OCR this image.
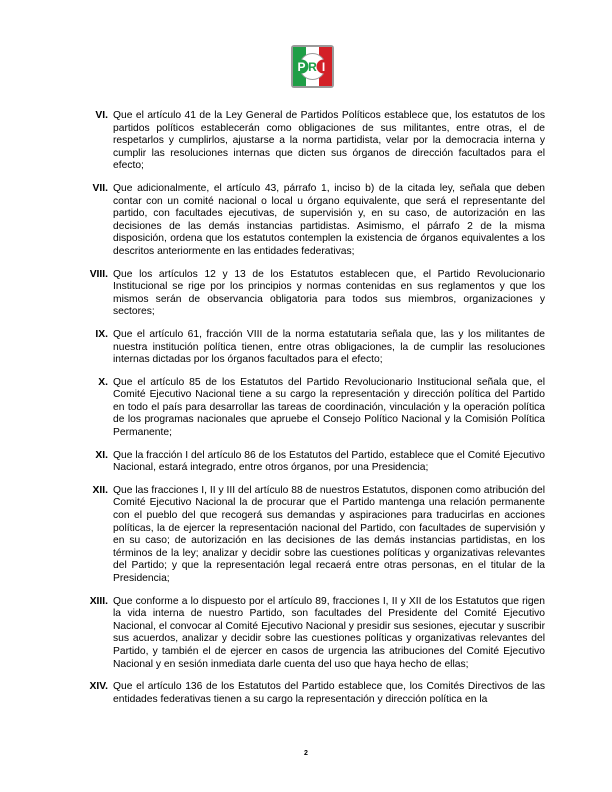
P R I
VI. Que el artículo 41 de la Ley General de Partidos Políticos establece que, los estatutos de los partidos políticos establecerán como obligaciones de sus militantes, entre otras, el de respetarlos y cumplirlos, ajustarse a la norma partidista, velar por la democracia interna y cumplir las resoluciones internas que dicten sus órganos de dirección facultados para el efecto;
VII. Que adicionalmente, el artículo 43, párrafo 1, inciso b) de la citada ley, señala que deben contar con un comité nacional o local u órgano equivalente, que será el representante del partido, con facultades ejecutivas, de supervisión y, en su caso, de autorización en las decisiones de las demás instancias partidistas. Asimismo, el párrafo 2 de la misma disposición, ordena que los estatutos contemplen la existencia de órganos equivalentes a los descritos anteriormente en las entidades federativas;
VIII. Que los artículos 12 y 13 de los Estatutos establecen que, el Partido Revolucionario Institucional se rige por los principios y normas contenidas en sus reglamentos y que los mismos serán de observancia obligatoria para todos sus miembros, organizaciones y sectores;
IX. Que el artículo 61, fracción VIII de la norma estatutaria señala que, las y los militantes de nuestra institución política tienen, entre otras obligaciones, la de cumplir las resoluciones internas dictadas por los órganos facultados para el efecto;
X. Que el artículo 85 de los Estatutos del Partido Revolucionario Institucional señala que, el Comité Ejecutivo Nacional tiene a su cargo la representación y dirección política del Partido en todo el país para desarrollar las tareas de coordinación, vinculación y la operación política de los programas nacionales que apruebe el Consejo Político Nacional y la Comisión Política Permanente;
XI. Que la fracción I del artículo 86 de los Estatutos del Partido, establece que el Comité Ejecutivo Nacional, estará integrado, entre otros órganos, por una Presidencia;
XII. Que las fracciones I, II y III del artículo 88 de nuestros Estatutos, disponen como atribución del Comité Ejecutivo Nacional la de procurar que el Partido mantenga una relación permanente con el pueblo del que recogerá sus demandas y aspiraciones para traducirlas en acciones políticas, la de ejercer la representación nacional del Partido, con facultades de supervisión y en su caso; de autorización en las decisiones de las demás instancias partidistas, en los términos de la ley; analizar y decidir sobre las cuestiones políticas y organizativas relevantes del Partido; y que la representación legal recaerá entre otras personas, en el titular de la Presidencia;
XIII. Que conforme a lo dispuesto por el artículo 89, fracciones I, II y XII de los Estatutos que rigen la vida interna de nuestro Partido, son facultades del Presidente del Comité Ejecutivo Nacional, el convocar al Comité Ejecutivo Nacional y presidir sus sesiones, ejecutar y suscribir sus acuerdos, analizar y decidir sobre las cuestiones políticas y organizativas relevantes del Partido, y también el de ejercer en casos de urgencia las atribuciones del Comité Ejecutivo Nacional y en sesión inmediata darle cuenta del uso que haya hecho de ellas;
XIV. Que el artículo 136 de los Estatutos del Partido establece que, los Comités Directivos de las entidades federativas tienen a su cargo la representación y dirección política en la
2
